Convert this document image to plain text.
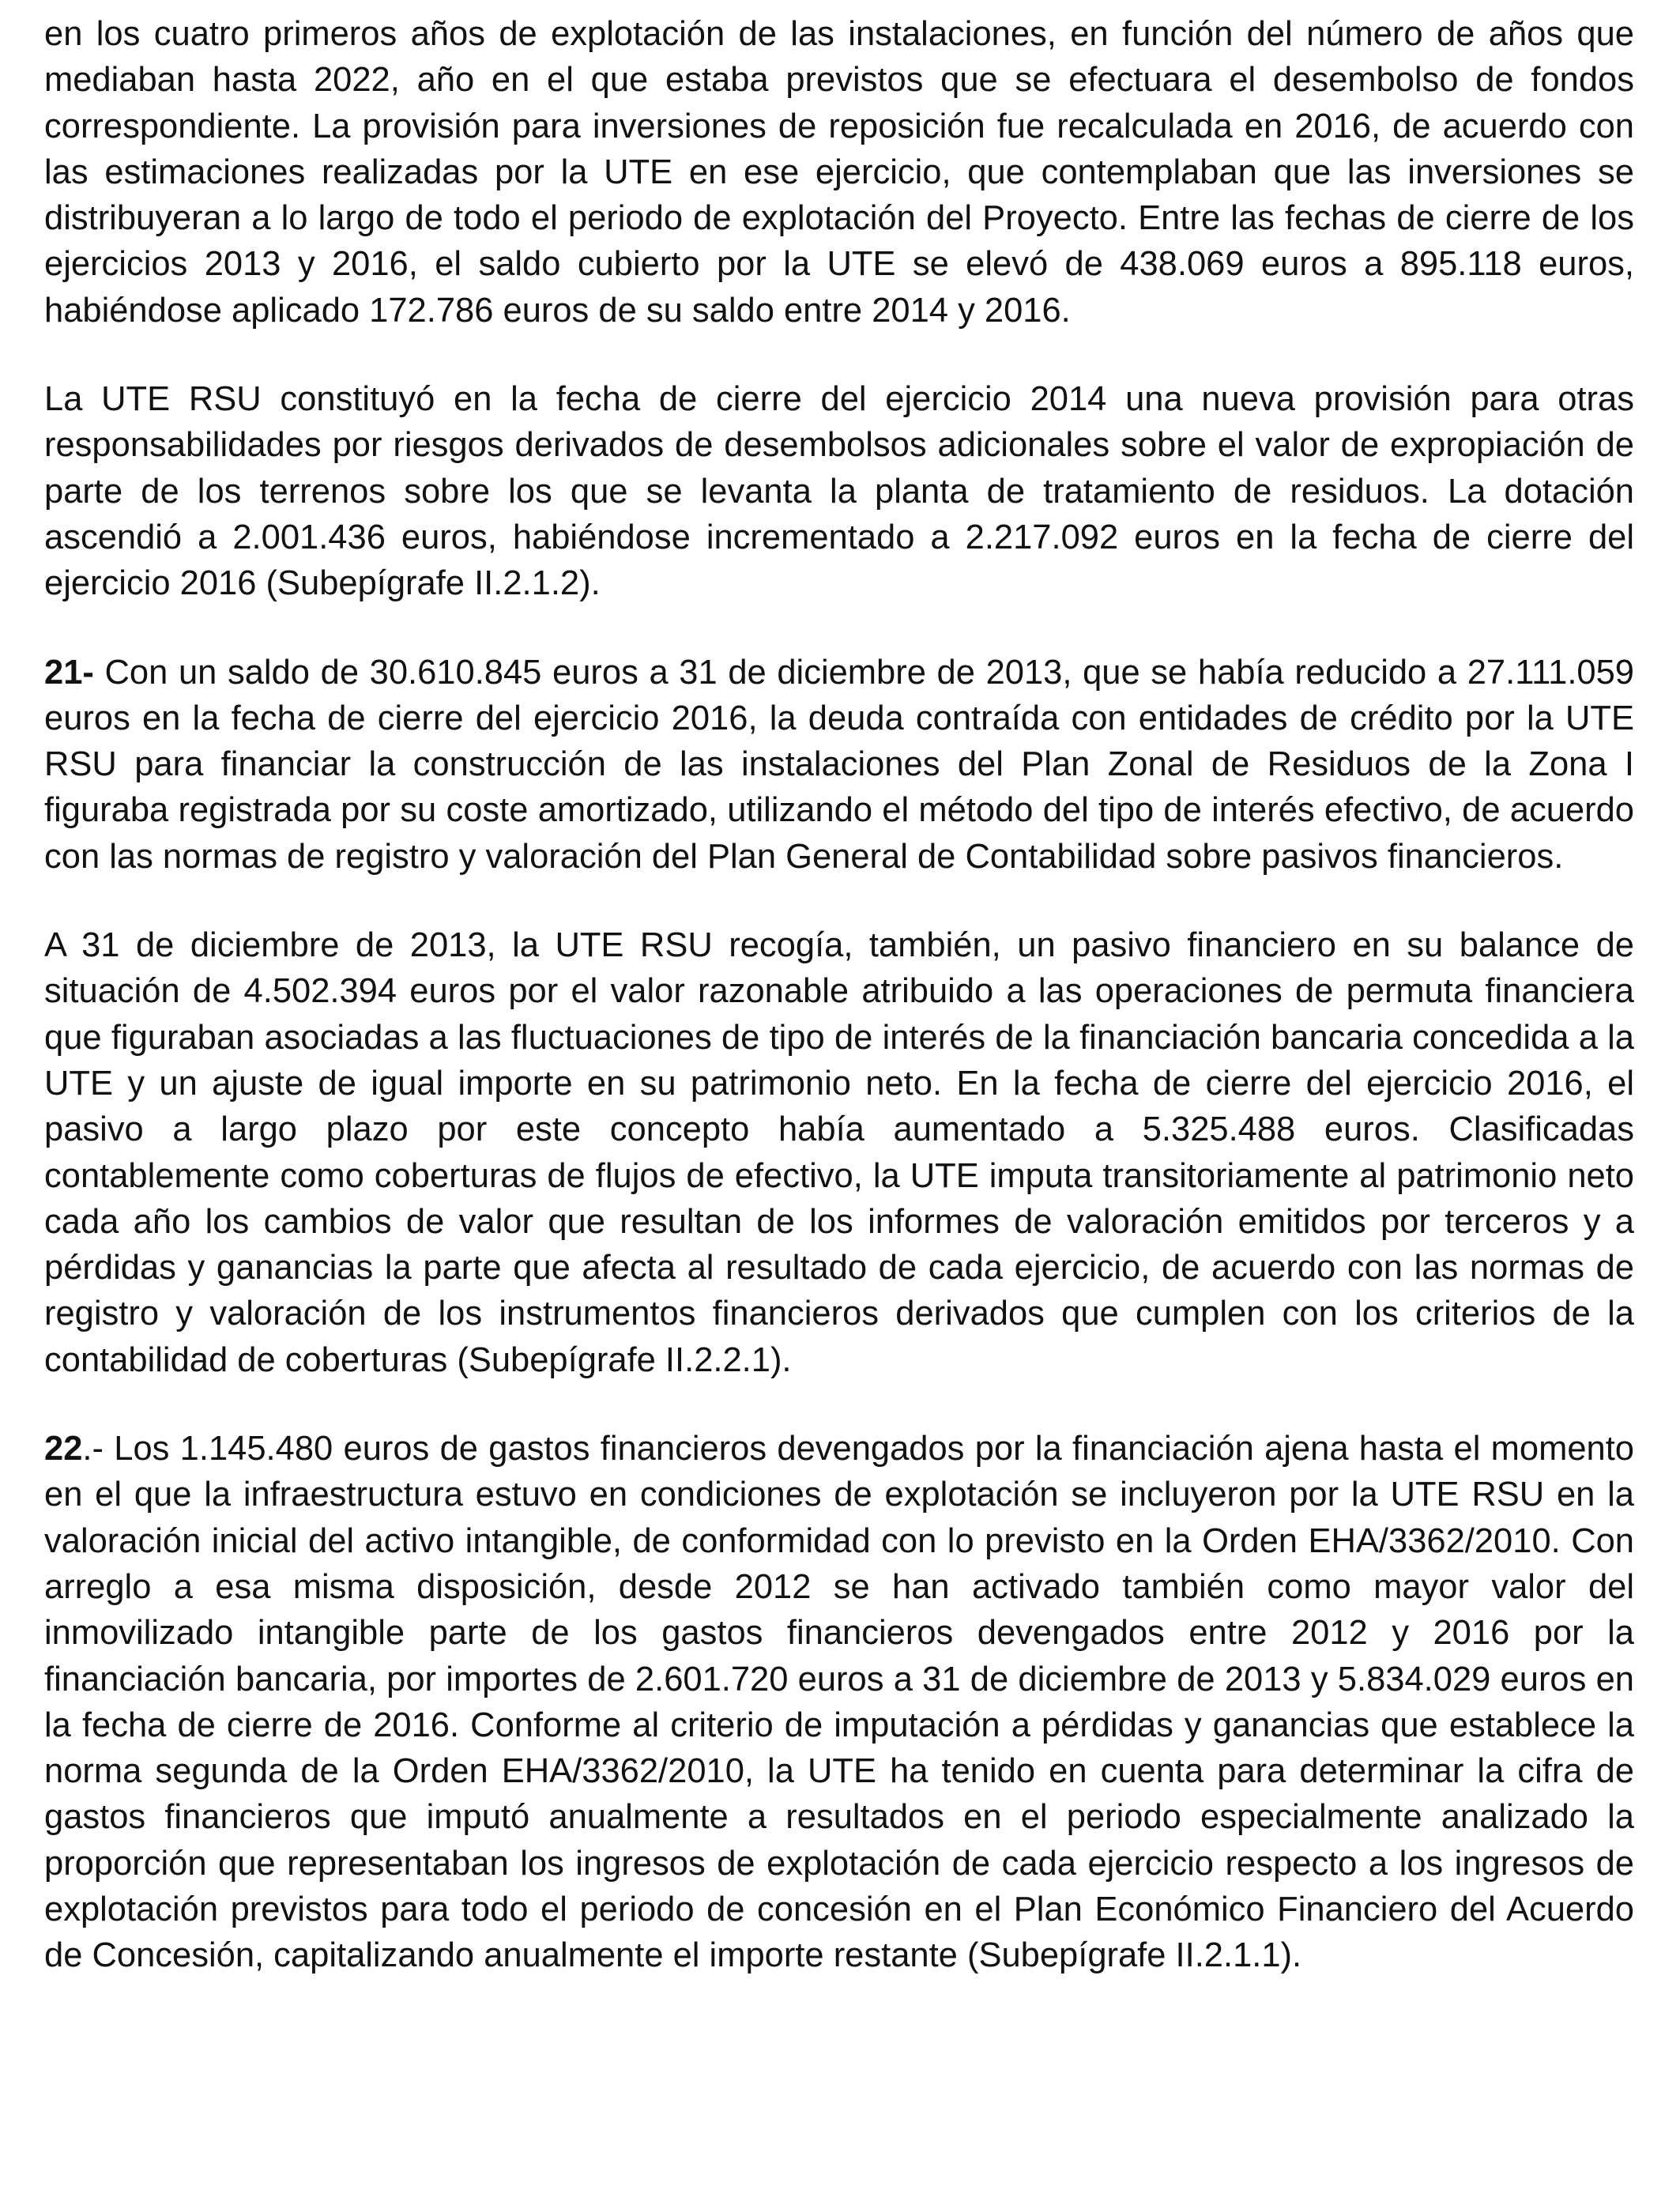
en los cuatro primeros años de explotación de las instalaciones, en función del número de años que mediaban hasta 2022, año en el que estaba previstos que se efectuara el desembolso de fondos correspondiente. La provisión para inversiones de reposición fue recalculada en 2016, de acuerdo con las estimaciones realizadas por la UTE en ese ejercicio, que contemplaban que las inversiones se distribuyeran a lo largo de todo el periodo de explotación del Proyecto. Entre las fechas de cierre de los ejercicios 2013 y 2016, el saldo cubierto por la UTE se elevó de 438.069 euros a 895.118 euros, habiéndose aplicado 172.786 euros de su saldo entre 2014 y 2016.

La UTE RSU constituyó en la fecha de cierre del ejercicio 2014 una nueva provisión para otras responsabilidades por riesgos derivados de desembolsos adicionales sobre el valor de expropiación de parte de los terrenos sobre los que se levanta la planta de tratamiento de residuos. La dotación ascendió a 2.001.436 euros, habiéndose incrementado a 2.217.092 euros en la fecha de cierre del ejercicio 2016 (Subepígrafe II.2.1.2).

21- Con un saldo de 30.610.845 euros a 31 de diciembre de 2013, que se había reducido a 27.111.059 euros en la fecha de cierre del ejercicio 2016, la deuda contraída con entidades de crédito por la UTE RSU para financiar la construcción de las instalaciones del Plan Zonal de Residuos de la Zona I figuraba registrada por su coste amortizado, utilizando el método del tipo de interés efectivo, de acuerdo con las normas de registro y valoración del Plan General de Contabilidad sobre pasivos financieros.

A 31 de diciembre de 2013, la UTE RSU recogía, también, un pasivo financiero en su balance de situación de 4.502.394 euros por el valor razonable atribuido a las operaciones de permuta financiera que figuraban asociadas a las fluctuaciones de tipo de interés de la financiación bancaria concedida a la UTE y un ajuste de igual importe en su patrimonio neto. En la fecha de cierre del ejercicio 2016, el pasivo a largo plazo por este concepto había aumentado a 5.325.488 euros. Clasificadas contablemente como coberturas de flujos de efectivo, la UTE imputa transitoriamente al patrimonio neto cada año los cambios de valor que resultan de los informes de valoración emitidos por terceros y a pérdidas y ganancias la parte que afecta al resultado de cada ejercicio, de acuerdo con las normas de registro y valoración de los instrumentos financieros derivados que cumplen con los criterios de la contabilidad de coberturas (Subepígrafe II.2.2.1).

22.- Los 1.145.480 euros de gastos financieros devengados por la financiación ajena hasta el momento en el que la infraestructura estuvo en condiciones de explotación se incluyeron por la UTE RSU en la valoración inicial del activo intangible, de conformidad con lo previsto en la Orden EHA/3362/2010. Con arreglo a esa misma disposición, desde 2012 se han activado también como mayor valor del inmovilizado intangible parte de los gastos financieros devengados entre 2012 y 2016 por la financiación bancaria, por importes de 2.601.720 euros a 31 de diciembre de 2013 y 5.834.029 euros en la fecha de cierre de 2016. Conforme al criterio de imputación a pérdidas y ganancias que establece la norma segunda de la Orden EHA/3362/2010, la UTE ha tenido en cuenta para determinar la cifra de gastos financieros que imputó anualmente a resultados en el periodo especialmente analizado la proporción que representaban los ingresos de explotación de cada ejercicio respecto a los ingresos de explotación previstos para todo el periodo de concesión en el Plan Económico Financiero del Acuerdo de Concesión, capitalizando anualmente el importe restante (Subepígrafe II.2.1.1).
